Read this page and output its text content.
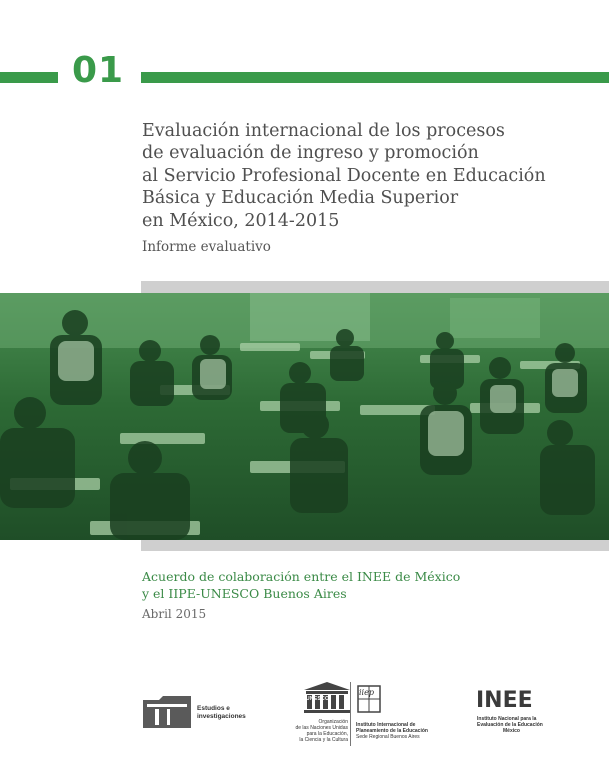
01
Evaluación internacional de los procesos
de evaluación de ingreso y promoción
al Servicio Profesional Docente en Educación
Básica y Educación Media Superior
en México, 2014-2015

Informe evaluativo

Acuerdo de colaboración entre el INEE de México
y el IIPE-UNESCO Buenos Aires

Abril 2015

Estudios e
investigaciones
UNESCO
iiep
Organización
de las Naciones Unidas
para la Educación,
la Ciencia y la Cultura
Instituto Internacional de
Planeamiento de la Educación
Sede Regional Buenos Aires
INEE
Instituto Nacional para la
Evaluación de la Educación
México
